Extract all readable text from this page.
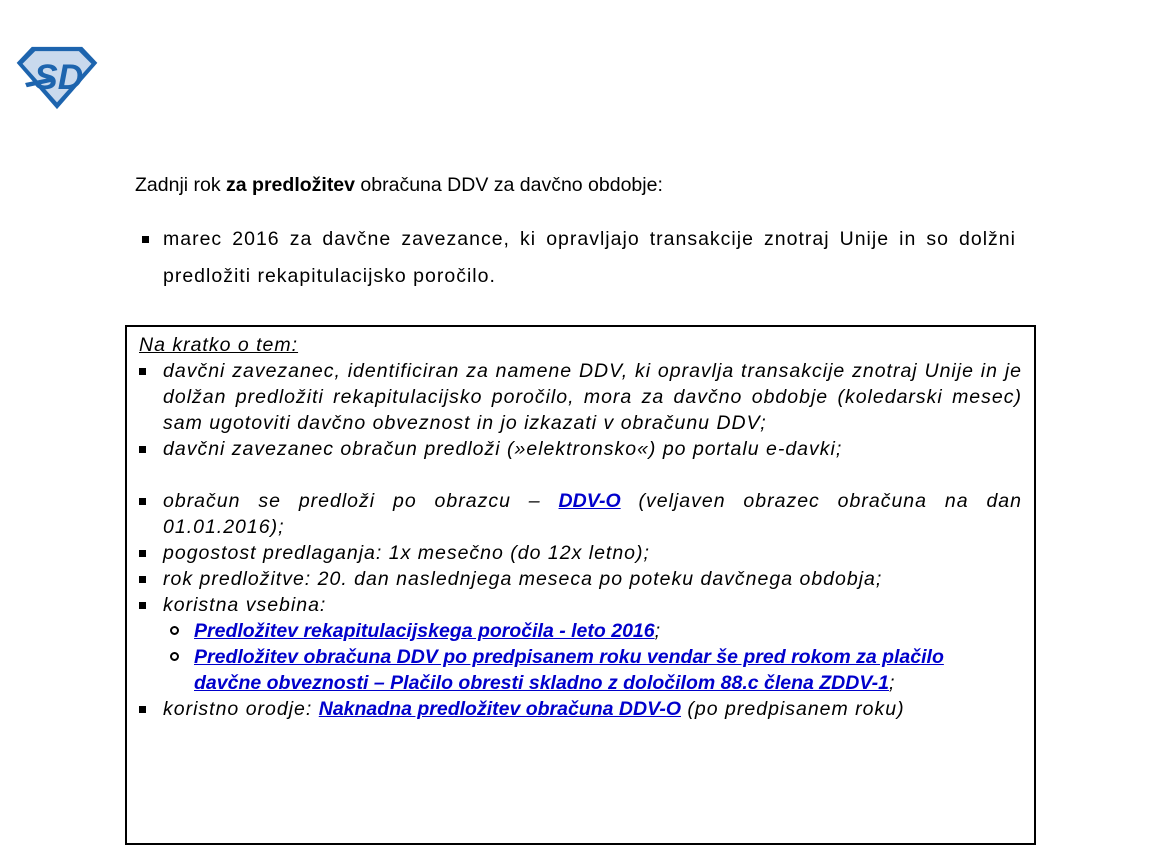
SD
Zadnji rok za predložitev obračuna DDV za davčno obdobje:
marec 2016 za davčne zavezance, ki opravljajo transakcije znotraj Unije in so dolžni predložiti rekapitulacijsko poročilo.
Na kratko o tem:
davčni zavezanec, identificiran za namene DDV, ki opravlja transakcije znotraj Unije in je dolžan predložiti rekapitulacijsko poročilo, mora za davčno obdobje (koledarski mesec) sam ugotoviti davčno obveznost in jo izkazati v obračunu DDV;
davčni zavezanec obračun predloži (»elektronsko«) po portalu e-davki;
obračun se predloži po obrazcu – DDV-O (veljaven obrazec obračuna na dan 01.01.2016);
pogostost predlaganja: 1x mesečno (do 12x letno);
rok predložitve: 20. dan naslednjega meseca po poteku davčnega obdobja;
koristna vsebina:
Predložitev rekapitulacijskega poročila - leto 2016;
Predložitev obračuna DDV po predpisanem roku vendar še pred rokom za plačilo davčne obveznosti – Plačilo obresti skladno z določilom 88.c člena ZDDV-1;
koristno orodje: Naknadna predložitev obračuna DDV-O (po predpisanem roku)
